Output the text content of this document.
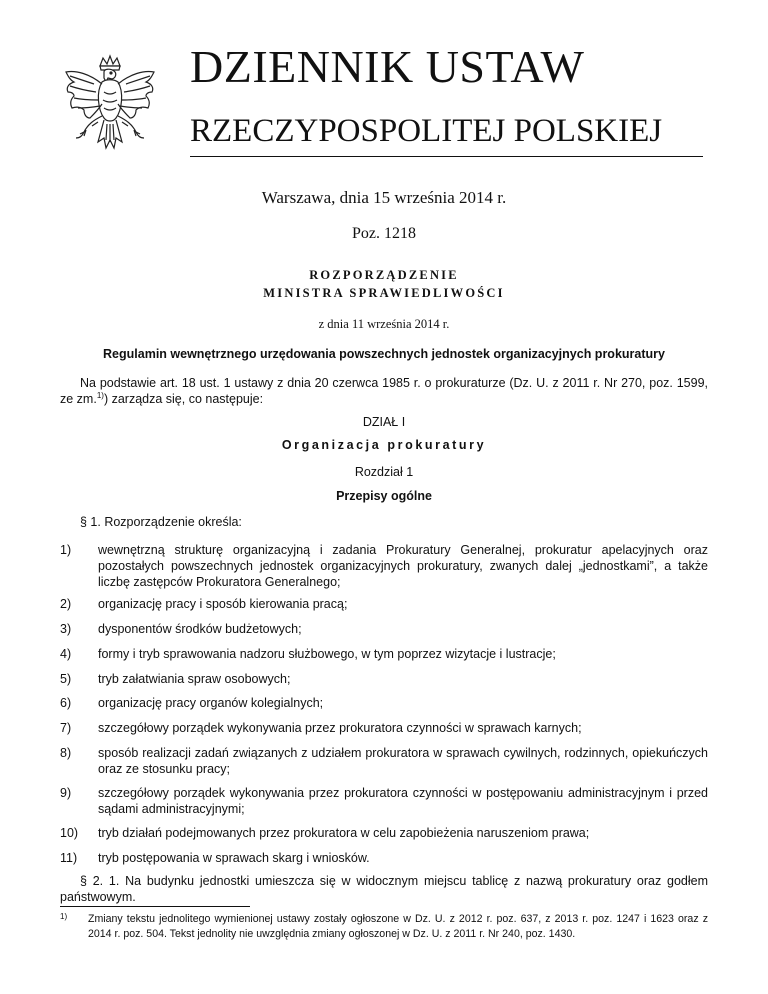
DZIENNIK USTAW
RZECZYPOSPOLITEJ POLSKIEJ
Warszawa, dnia 15 września 2014 r.
Poz. 1218
ROZPORZĄDZENIE
MINISTRA SPRAWIEDLIWOŚCI
z dnia 11 września 2014 r.
Regulamin wewnętrznego urzędowania powszechnych jednostek organizacyjnych prokuratury
Na podstawie art. 18 ust. 1 ustawy z dnia 20 czerwca 1985 r. o prokuraturze (Dz. U. z 2011 r. Nr 270, poz. 1599, ze zm.$^{1)}$) zarządza się, co następuje:
DZIAŁ I
Organizacja prokuratury
Rozdział 1
Przepisy ogólne
§ 1. Rozporządzenie określa:
1) wewnętrzną strukturę organizacyjną i zadania Prokuratury Generalnej, prokuratur apelacyjnych oraz pozostałych powszechnych jednostek organizacyjnych prokuratury, zwanych dalej „jednostkami”, a także liczbę zastępców Prokuratora Generalnego;
2) organizację pracy i sposób kierowania pracą;
3) dysponentów środków budżetowych;
4) formy i tryb sprawowania nadzoru służbowego, w tym poprzez wizytacje i lustracje;
5) tryb załatwiania spraw osobowych;
6) organizację pracy organów kolegialnych;
7) szczegółowy porządek wykonywania przez prokuratora czynności w sprawach karnych;
8) sposób realizacji zadań związanych z udziałem prokuratora w sprawach cywilnych, rodzinnych, opiekuńczych oraz ze stosunku pracy;
9) szczegółowy porządek wykonywania przez prokuratora czynności w postępowaniu administracyjnym i przed sądami administracyjnymi;
10) tryb działań podejmowanych przez prokuratora w celu zapobieżenia naruszeniom prawa;
11) tryb postępowania w sprawach skarg i wniosków.
§ 2. 1. Na budynku jednostki umieszcza się w widocznym miejscu tablicę z nazwą prokuratury oraz godłem państwowym.
1) Zmiany tekstu jednolitego wymienionej ustawy zostały ogłoszone w Dz. U. z 2012 r. poz. 637, z 2013 r. poz. 1247 i 1623 oraz z 2014 r. poz. 504. Tekst jednolity nie uwzględnia zmiany ogłoszonej w Dz. U. z 2011 r. Nr 240, poz. 1430.
